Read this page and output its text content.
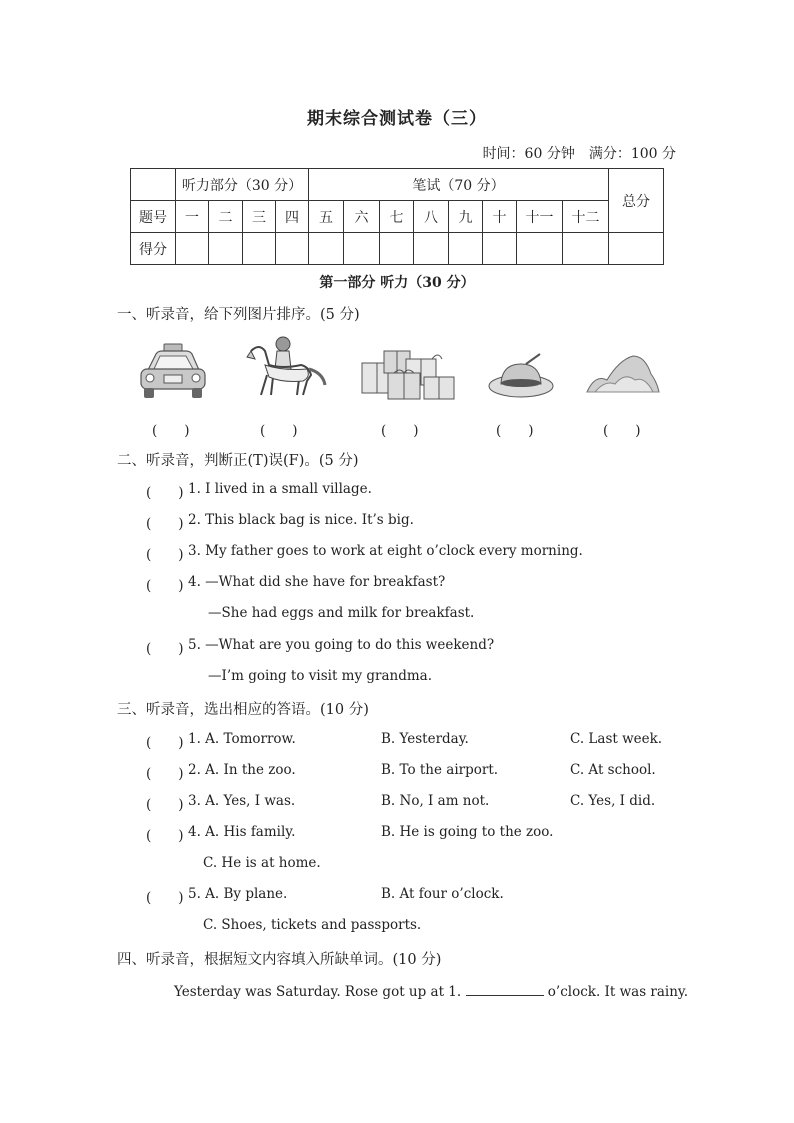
期末综合测试卷（三）
时间：60 分钟　满分：100 分
	听力部分（30 分）				笔试（70 分）								总分
题号	一	二	三	四	五	六	七	八	九	十	十一	十二	
得分													
第一部分 听力（30 分）
一、听录音，给下列图片排序。(5 分)
(　　)	(　　)	(　　)	(　　)	(　　)
二、听录音，判断正(T)误(F)。(5 分)
(　　) 1. I lived in a small village.
(　　) 2. This black bag is nice. It’s big.
(　　) 3. My father goes to work at eight o’clock every morning.
(　　) 4. —What did she have for breakfast?
—She had eggs and milk for breakfast.
(　　) 5. —What are you going to do this weekend?
—I’m going to visit my grandma.
三、听录音，选出相应的答语。(10 分)
(　　) 1. A. Tomorrow.	B. Yesterday.	C. Last week.
(　　) 2. A. In the zoo.	B. To the airport.	C. At school.
(　　) 3. A. Yes, I was.	B. No, I am not.	C. Yes, I did.
(　　) 4. A. His family.	B. He is going to the zoo.
C. He is at home.
(　　) 5. A. By plane.	B. At four o’clock.
C. Shoes, tickets and passports.
四、听录音，根据短文内容填入所缺单词。(10 分)
Yesterday was Saturday. Rose got up at 1.	o’clock. It was rainy.
